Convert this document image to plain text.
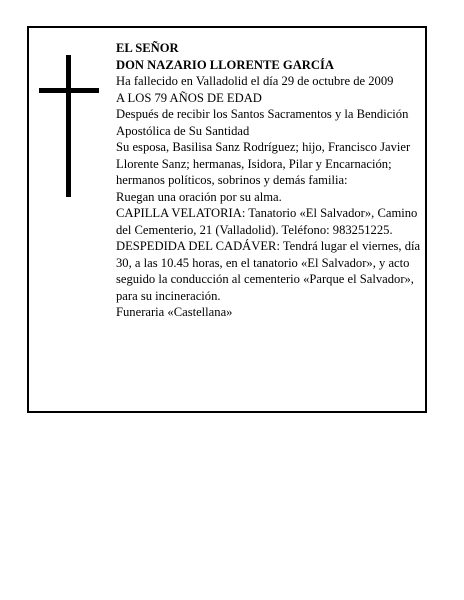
EL SEÑOR

DON NAZARIO LLORENTE GARCÍA

Ha fallecido en Valladolid el día 29 de octubre de 2009

A LOS 79 AÑOS DE EDAD

Después de recibir los Santos Sacramentos y la Bendición Apostólica de Su Santidad

Su esposa, Basilisa Sanz Rodríguez; hijo, Francisco Javier Llorente Sanz; hermanas, Isidora, Pilar y Encarnación; hermanos políticos, sobrinos y demás familia:

Ruegan una oración por su alma.

CAPILLA VELATORIA: Tanatorio «El Salvador», Camino del Cementerio, 21 (Valladolid). Teléfono: 983251225.

DESPEDIDA DEL CADÁVER: Tendrá lugar el viernes, día 30, a las 10.45 horas, en el tanatorio «El Salvador», y acto seguido la conducción al cementerio «Parque el Salvador», para su incineración.

Funeraria «Castellana»
